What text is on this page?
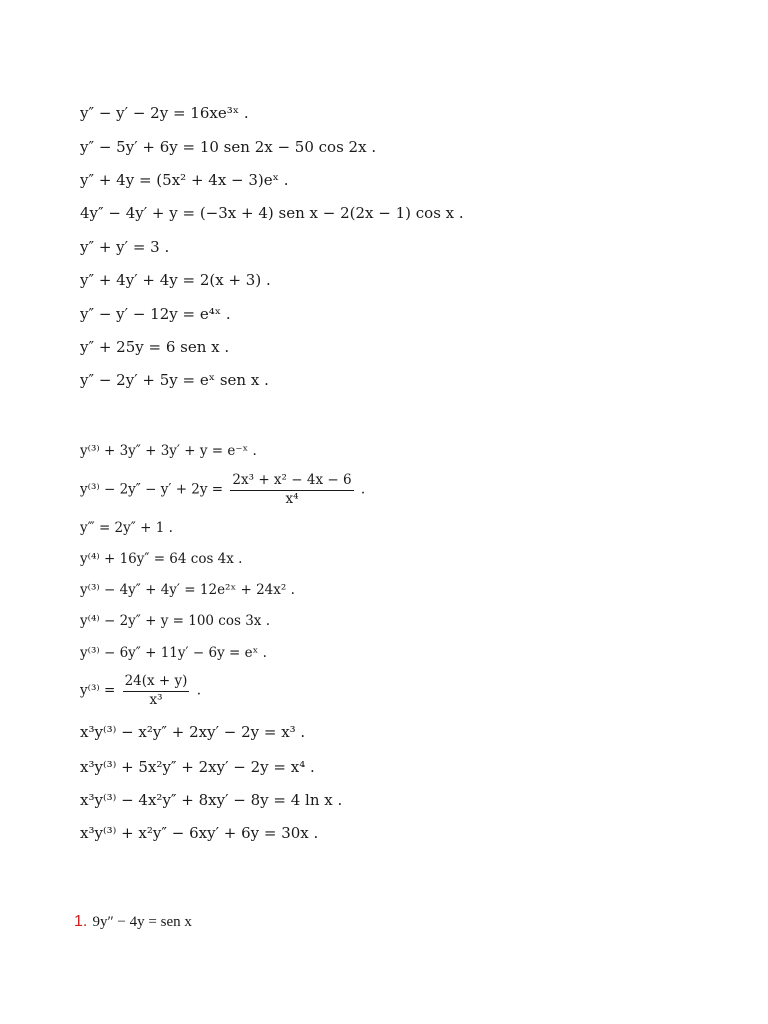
y″ − y′ − 2y = 16xe³ˣ .
y″ − 5y′ + 6y = 10 sen 2x − 50 cos 2x .
y″ + 4y = (5x² + 4x − 3)eˣ .
4y″ − 4y′ + y = (−3x + 4) sen x − 2(2x − 1) cos x .
y″ + y′ = 3 .
y″ + 4y′ + 4y = 2(x + 3) .
y″ − y′ − 12y = e⁴ˣ .
y″ + 25y = 6 sen x .
y″ − 2y′ + 5y = eˣ sen x .
y⁽³⁾ + 3y″ + 3y′ + y = e⁻ˣ .
$y^{(3)} - 2y'' - y' + 2y = \frac{\text{2x³ + x² − 4x − 6}}{\text{x⁴}}$ .
y‴ = 2y″ + 1 .
y⁽⁴⁾ + 16y″ = 64 cos 4x .
y⁽³⁾ − 4y″ + 4y′ = 12e²ˣ + 24x² .
y⁽⁴⁾ − 2y″ + y = 100 cos 3x .
y⁽³⁾ − 6y″ + 11y′ − 6y = eˣ .
$y^{(3)} = \frac{24(x + y)}{\text{x³}}$ .
x³y⁽³⁾ − x²y″ + 2xy′ − 2y = x³ .
x³y⁽³⁾ + 5x²y″ + 2xy′ − 2y = x⁴ .
x³y⁽³⁾ − 4x²y″ + 8xy′ − 8y = 4 ln x .
x³y⁽³⁾ + x²y″ − 6xy′ + 6y = 30x .
1. 9y″ − 4y = sen x
